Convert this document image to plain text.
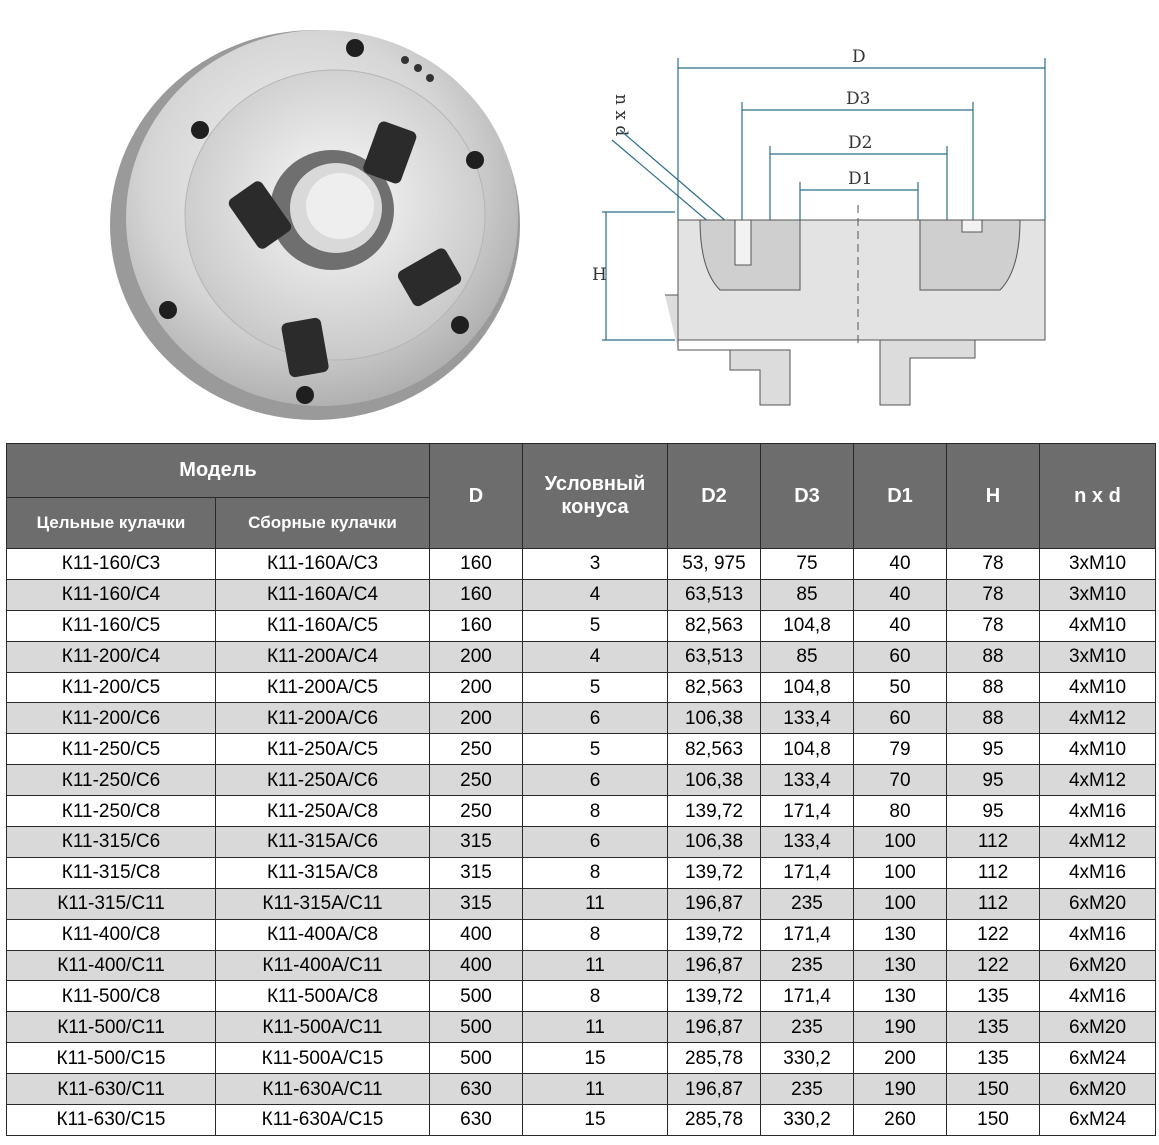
D
D3
D2
D1
n x d
H
Модель		D	Условный конуса	D2	D3	D1	H	n x d
Цельные кулачки	Сборные кулачки							
К11-160/С3	К11-160А/С3	160	3	53, 975	75	40	78	3хМ10
К11-160/С4	К11-160А/С4	160	4	63,513	85	40	78	3хМ10
К11-160/С5	К11-160А/С5	160	5	82,563	104,8	40	78	4хМ10
К11-200/С4	К11-200А/С4	200	4	63,513	85	60	88	3хМ10
К11-200/С5	К11-200А/С5	200	5	82,563	104,8	50	88	4хМ10
К11-200/С6	К11-200А/С6	200	6	106,38	133,4	60	88	4хМ12
К11-250/С5	К11-250А/С5	250	5	82,563	104,8	79	95	4хМ10
К11-250/С6	К11-250А/С6	250	6	106,38	133,4	70	95	4хМ12
К11-250/С8	К11-250А/С8	250	8	139,72	171,4	80	95	4хМ16
К11-315/С6	К11-315А/С6	315	6	106,38	133,4	100	112	4хМ12
К11-315/С8	К11-315А/С8	315	8	139,72	171,4	100	112	4хМ16
К11-315/С11	К11-315А/С11	315	11	196,87	235	100	112	6хМ20
К11-400/С8	К11-400А/С8	400	8	139,72	171,4	130	122	4хМ16
К11-400/С11	К11-400А/С11	400	11	196,87	235	130	122	6хМ20
К11-500/С8	К11-500А/С8	500	8	139,72	171,4	130	135	4хМ16
К11-500/С11	К11-500А/С11	500	11	196,87	235	190	135	6хМ20
К11-500/С15	К11-500А/С15	500	15	285,78	330,2	200	135	6хМ24
К11-630/С11	К11-630А/С11	630	11	196,87	235	190	150	6хМ20
К11-630/С15	К11-630А/С15	630	15	285,78	330,2	260	150	6хМ24
